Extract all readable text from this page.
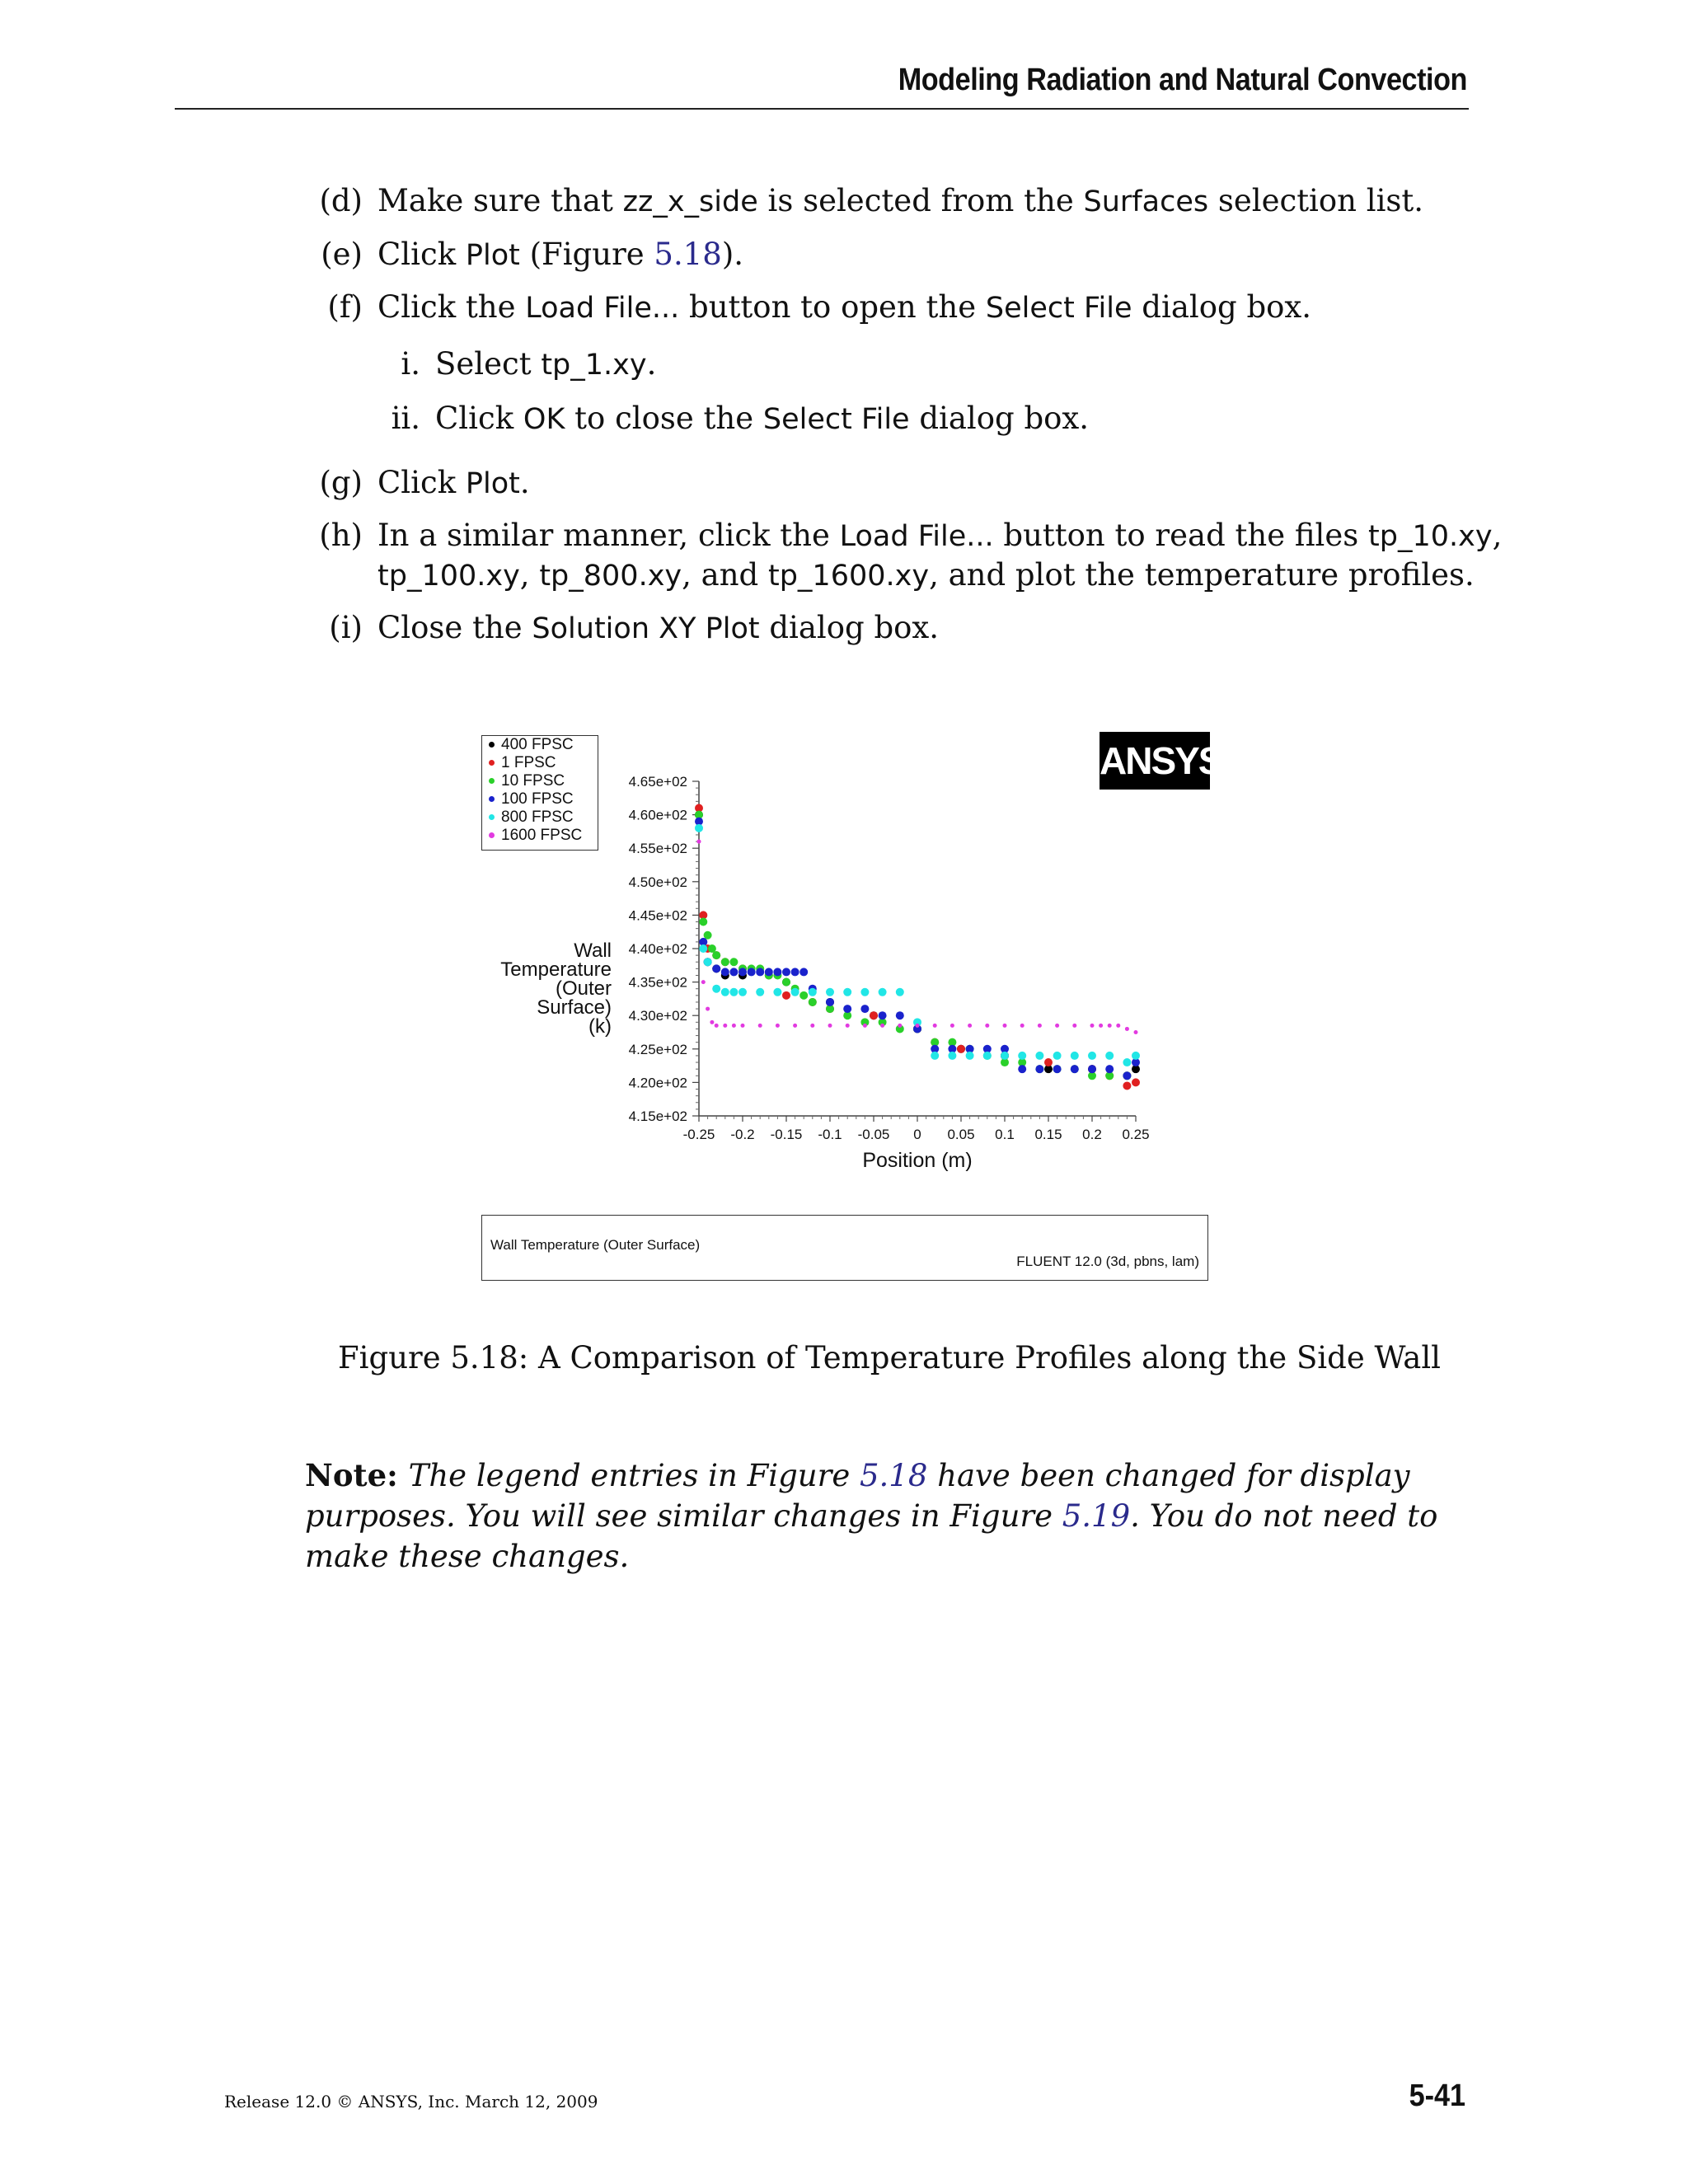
Modeling Radiation and Natural Convection
(d) Make sure that zz_x_side is selected from the Surfaces selection list.
(e) Click Plot (Figure 5.18).
(f) Click the Load File... button to open the Select File dialog box.
i. Select tp_1.xy.
ii. Click OK to close the Select File dialog box.
(g) Click Plot.
(h) In a similar manner, click the Load File... button to read the files tp_10.xy,
tp_100.xy, tp_800.xy, and tp_1600.xy, and plot the temperature profiles.
(i) Close the Solution XY Plot dialog box.
400 FPSC
1 FPSC
10 FPSC
100 FPSC
800 FPSC
1600 FPSC
ANSYS
Wall
Temperature
(Outer
Surface)
(k)
4.15e+02
4.20e+02
4.25e+02
4.30e+02
4.35e+02
4.40e+02
4.45e+02
4.50e+02
4.55e+02
4.60e+02
4.65e+02
-0.25 -0.2 -0.15 -0.1 -0.05 0 0.05 0.1 0.15 0.2 0.25
Position (m)
Wall Temperature (Outer Surface)
FLUENT 12.0 (3d, pbns, lam)
Figure 5.18: A Comparison of Temperature Profiles along the Side Wall
Note: The legend entries in Figure 5.18 have been changed for display purposes. You will see similar changes in Figure 5.19. You do not need to make these changes.
Release 12.0 © ANSYS, Inc. March 12, 2009	5-41
